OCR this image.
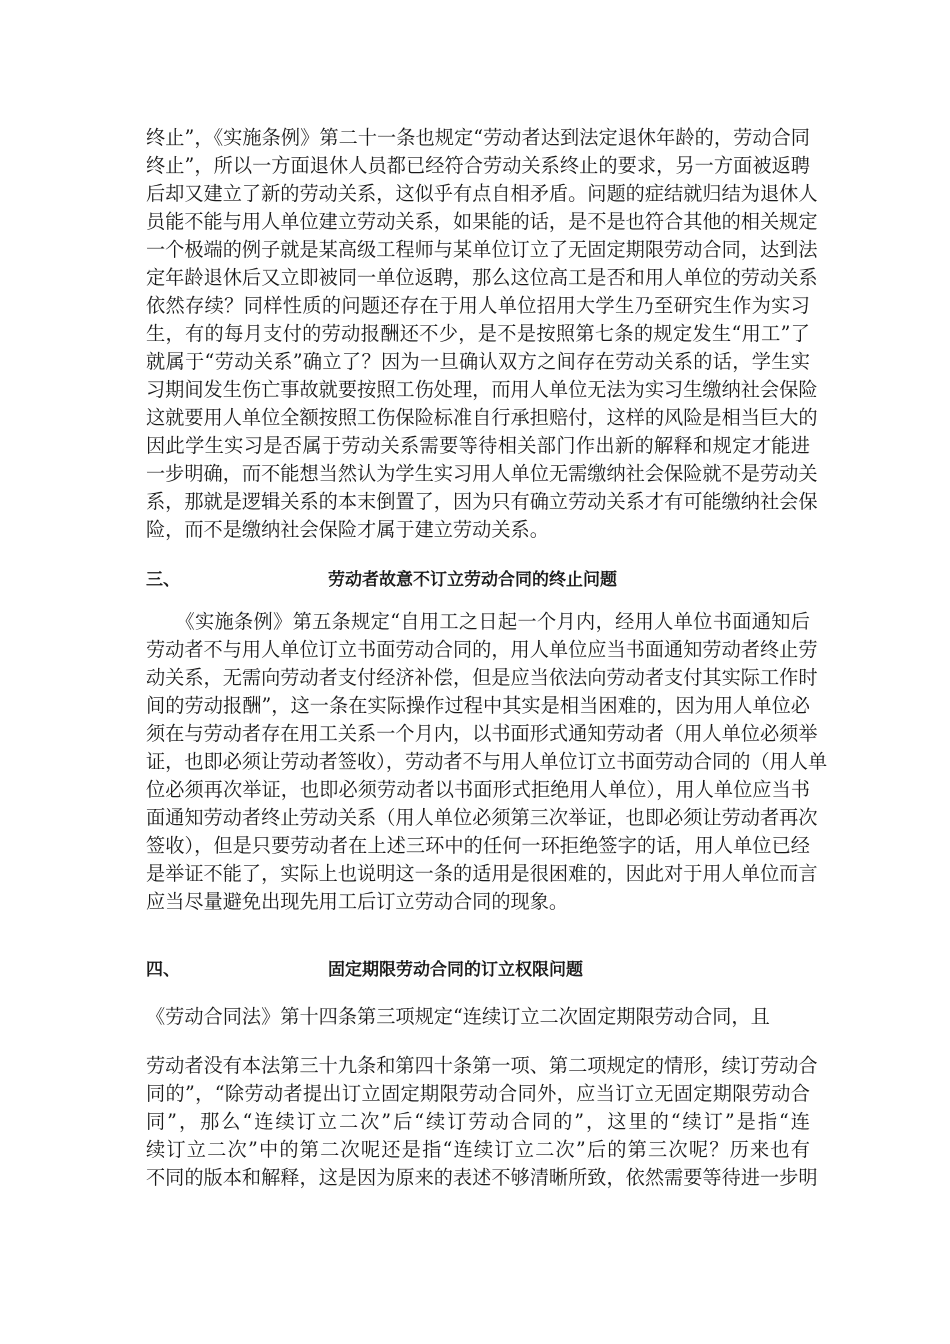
终止”，《实施条例》第二十一条也规定“劳动者达到法定退休年龄的，劳动合同
终止”，所以一方面退休人员都已经符合劳动关系终止的要求，另一方面被返聘
后却又建立了新的劳动关系，这似乎有点自相矛盾。问题的症结就归结为退休人
员能不能与用人单位建立劳动关系，如果能的话，是不是也符合其他的相关规定
一个极端的例子就是某高级工程师与某单位订立了无固定期限劳动合同，达到法
定年龄退休后又立即被同一单位返聘，那么这位高工是否和用人单位的劳动关系
依然存续？同样性质的问题还存在于用人单位招用大学生乃至研究生作为实习
生，有的每月支付的劳动报酬还不少，是不是按照第七条的规定发生“用工”了
就属于“劳动关系”确立了？因为一旦确认双方之间存在劳动关系的话，学生实
习期间发生伤亡事故就要按照工伤处理，而用人单位无法为实习生缴纳社会保险
这就要用人单位全额按照工伤保险标准自行承担赔付，这样的风险是相当巨大的
因此学生实习是否属于劳动关系需要等待相关部门作出新的解释和规定才能进
一步明确，而不能想当然认为学生实习用人单位无需缴纳社会保险就不是劳动关
系，那就是逻辑关系的本末倒置了，因为只有确立劳动关系才有可能缴纳社会保
险，而不是缴纳社会保险才属于建立劳动关系。
三、	劳动者故意不订立劳动合同的终止问题
　　《实施条例》第五条规定“自用工之日起一个月内，经用人单位书面通知后
劳动者不与用人单位订立书面劳动合同的，用人单位应当书面通知劳动者终止劳
动关系，无需向劳动者支付经济补偿，但是应当依法向劳动者支付其实际工作时
间的劳动报酬”，这一条在实际操作过程中其实是相当困难的，因为用人单位必
须在与劳动者存在用工关系一个月内，以书面形式通知劳动者（用人单位必须举
证，也即必须让劳动者签收），劳动者不与用人单位订立书面劳动合同的（用人单
位必须再次举证，也即必须劳动者以书面形式拒绝用人单位），用人单位应当书
面通知劳动者终止劳动关系（用人单位必须第三次举证，也即必须让劳动者再次
签收），但是只要劳动者在上述三环中的任何一环拒绝签字的话，用人单位已经
是举证不能了，实际上也说明这一条的适用是很困难的，因此对于用人单位而言
应当尽量避免出现先用工后订立劳动合同的现象。
四、	固定期限劳动合同的订立权限问题
《劳动合同法》第十四条第三项规定“连续订立二次固定期限劳动合同，且
劳动者没有本法第三十九条和第四十条第一项、第二项规定的情形，续订劳动合
同的”，“除劳动者提出订立固定期限劳动合同外，应当订立无固定期限劳动合
同”，那么“连续订立二次”后“续订劳动合同的”，这里的“续订”是指“连
续订立二次”中的第二次呢还是指“连续订立二次”后的第三次呢？历来也有
不同的版本和解释，这是因为原来的表述不够清晰所致，依然需要等待进一步明
